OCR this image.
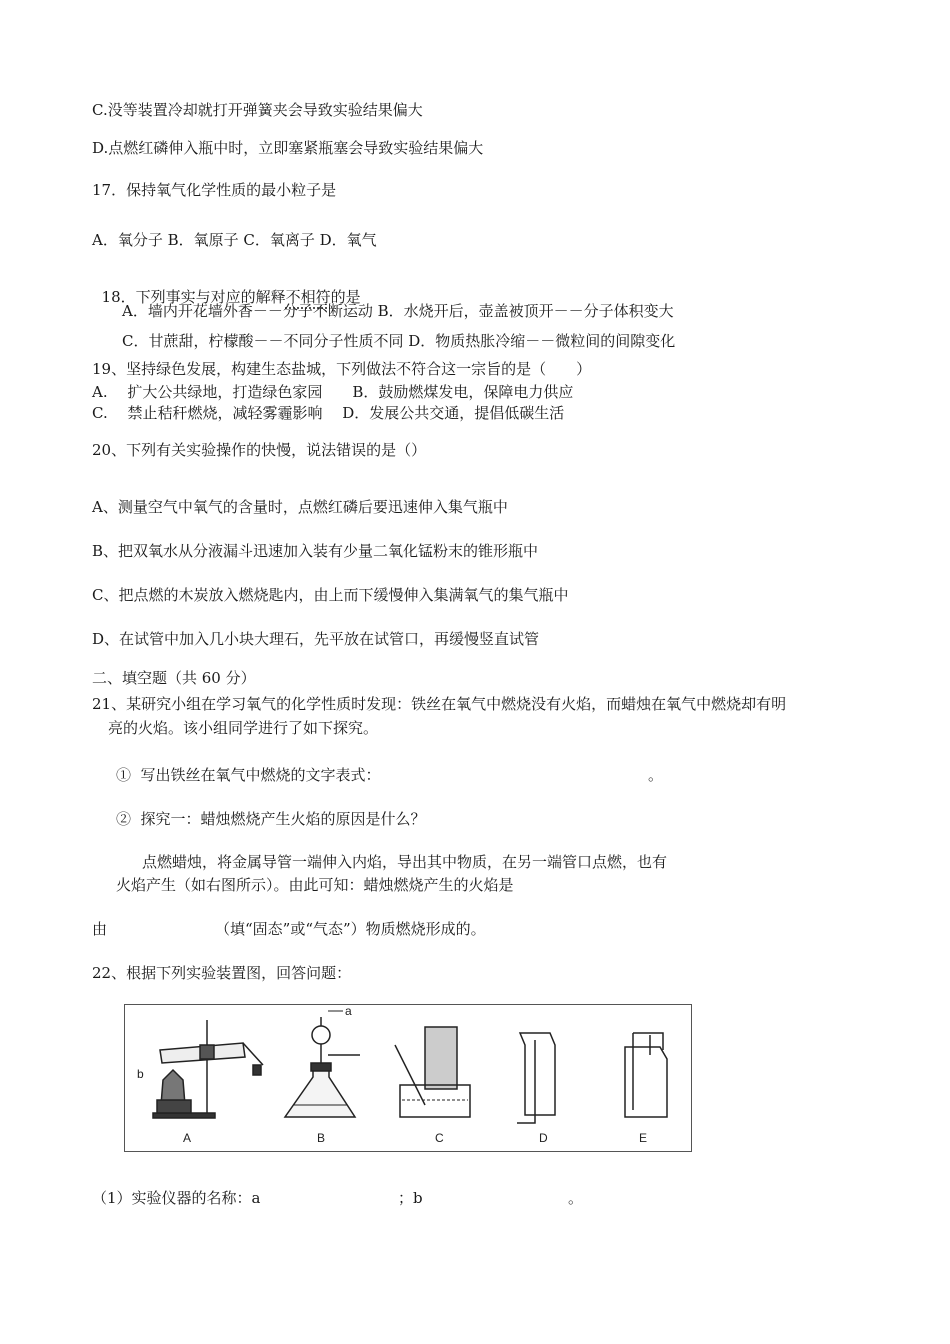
C.没等装置冷却就打开弹簧夹会导致实验结果偏大
D.点燃红磷伸入瓶中时，立即塞紧瓶塞会导致实验结果偏大
17．保持氧气化学性质的最小粒子是
A．氧分子 B．氧原子 C．氧离子 D．氧气

18．下列事实与对应的解释不相符的是

A．墙内开花墙外香－－分子不断运动 B．水烧开后，壶盖被顶开－－分子体积变大
C．甘蔗甜，柠檬酸－－不同分子性质不同 D．物质热胀冷缩－－微粒间的间隙变化
19、坚持绿色发展，构建生态盐城，下列做法不符合这一宗旨的是（　　）
A.　 扩大公共绿地，打造绿色家园　　B．鼓励燃煤发电，保障电力供应
C.　 禁止秸秆燃烧，减轻雾霾影响　 D．发展公共交通，提倡低碳生活
20、下列有关实验操作的快慢，说法错误的是（）
A、测量空气中氧气的含量时，点燃红磷后要迅速伸入集气瓶中
B、把双氧水从分液漏斗迅速加入装有少量二氧化锰粉末的锥形瓶中
C、把点燃的木炭放入燃烧匙内，由上而下缓慢伸入集满氧气的集气瓶中
D、在试管中加入几小块大理石，先平放在试管口，再缓慢竖直试管
二、填空题（共 60 分）
21、某研究小组在学习氧气的化学性质时发现：铁丝在氧气中燃烧没有火焰，而蜡烛在氧气中燃烧却有明
亮的火焰。该小组同学进行了如下探究。
①  写出铁丝在氧气中燃烧的文字表式：	。
②  探究一：蜡烛燃烧产生火焰的原因是什么？
点燃蜡烛，将金属导管一端伸入内焰，导出其中物质，在另一端管口点燃，也有
火焰产生（如右图所示）。由此可知：蜡烛燃烧产生的火焰是
由	（填“固态”或“气态”）物质燃烧形成的。
22、根据下列实验装置图，回答问题：
b
A
a
B	C	D	E
（1）实验仪器的名称：a	；b	。
